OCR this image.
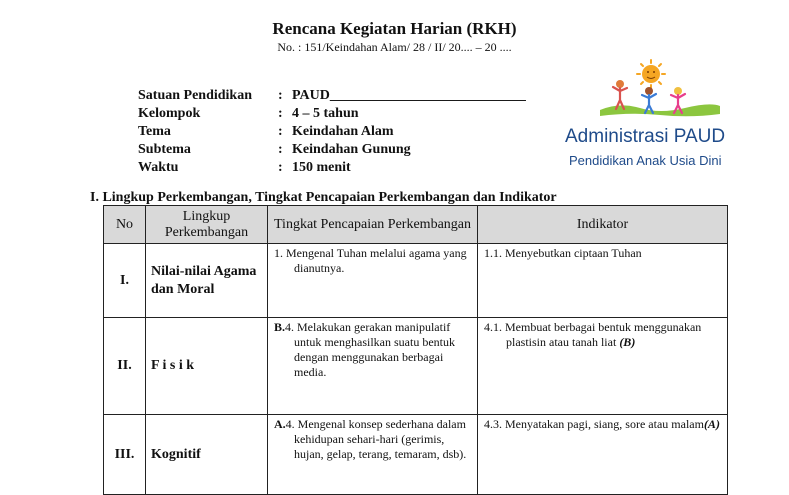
Rencana Kegiatan Harian (RKH)
No. : 151/Keindahan Alam/ 28 / II/ 20.... – 20 ....
Satuan Pendidikan	: PAUD____________________________
Kelompok	: 4 – 5 tahun
Tema	: Keindahan Alam
Subtema	: Keindahan Gunung
Waktu	: 150 menit
Administrasi PAUD
Pendidikan Anak Usia Dini
I. Lingkup Perkembangan, Tingkat Pencapaian Perkembangan dan Indikator
No	Lingkup Perkembangan	Tingkat Pencapaian Perkembangan	Indikator
I.	Nilai-nilai Agama dan Moral	1. Mengenal Tuhan melalui agama yang dianutnya.	1.1. Menyebutkan ciptaan Tuhan

II.	F i s i k	B.4. Melakukan gerakan manipulatif untuk menghasilkan suatu bentuk dengan menggunakan berbagai media.	4.1. Membuat berbagai bentuk menggunakan plastisin atau tanah liat (B)

III.	Kognitif	A.4. Mengenal konsep sederhana dalam kehidupan sehari-hari (gerimis, hujan, gelap, terang, temaram, dsb).	4.3. Menyatakan pagi, siang, sore atau malam(A)
